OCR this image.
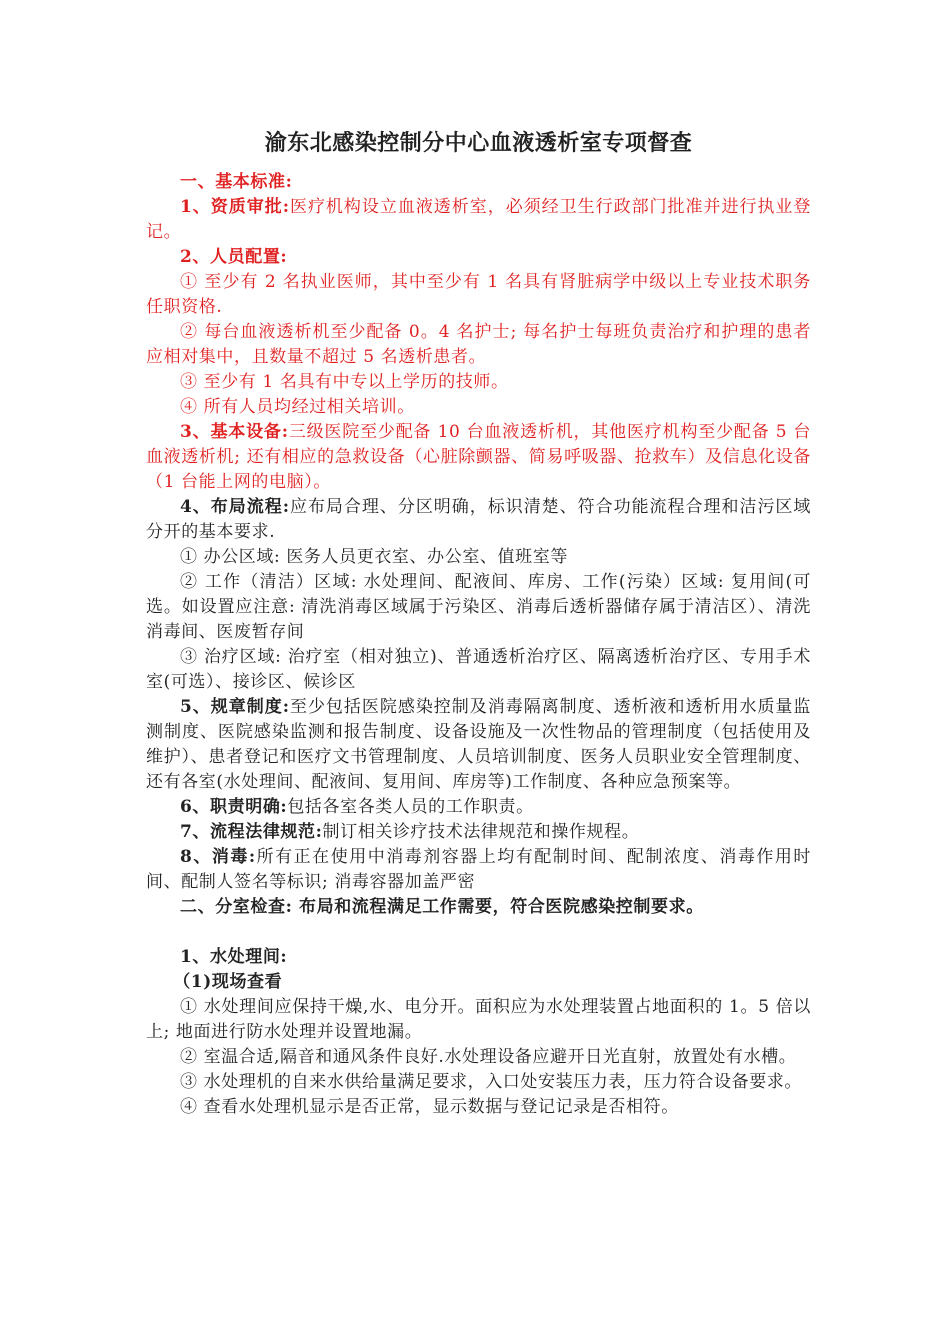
渝东北感染控制分中心血液透析室专项督查

一、基本标准:

1、资质审批:医疗机构设立血液透析室，必须经卫生行政部门批准并进行执业登记。

2、人员配置:

① 至少有 2 名执业医师，其中至少有 1 名具有肾脏病学中级以上专业技术职务任职资格.

② 每台血液透析机至少配备 0。4 名护士; 每名护士每班负责治疗和护理的患者应相对集中，且数量不超过 5 名透析患者。

③ 至少有 1 名具有中专以上学历的技师。

④ 所有人员均经过相关培训。

3、基本设备:三级医院至少配备 10 台血液透析机，其他医疗机构至少配备 5 台血液透析机; 还有相应的急救设备（心脏除颤器、简易呼吸器、抢救车）及信息化设备（1 台能上网的电脑）。

4、布局流程:应布局合理、分区明确，标识清楚、符合功能流程合理和洁污区域分开的基本要求.

① 办公区域: 医务人员更衣室、办公室、值班室等

② 工作（清洁）区域: 水处理间、配液间、库房、工作(污染）区域: 复用间(可选。如设置应注意: 清洗消毒区域属于污染区、消毒后透析器储存属于清洁区）、清洗消毒间、医废暂存间

③ 治疗区域: 治疗室（相对独立)、普通透析治疗区、隔离透析治疗区、专用手术室(可选）、接诊区、候诊区

5、规章制度:至少包括医院感染控制及消毒隔离制度、透析液和透析用水质量监测制度、医院感染监测和报告制度、设备设施及一次性物品的管理制度（包括使用及维护）、患者登记和医疗文书管理制度、人员培训制度、医务人员职业安全管理制度、还有各室(水处理间、配液间、复用间、库房等)工作制度、各种应急预案等。

6、职责明确:包括各室各类人员的工作职责。

7、流程法律规范:制订相关诊疗技术法律规范和操作规程。

8、消毒:所有正在使用中消毒剂容器上均有配制时间、配制浓度、消毒作用时间、配制人签名等标识; 消毒容器加盖严密

二、分室检查: 布局和流程满足工作需要，符合医院感染控制要求。

1、水处理间:

（1)现场查看

① 水处理间应保持干燥,水、电分开。面积应为水处理装置占地面积的 1。5 倍以上; 地面进行防水处理并设置地漏。

② 室温合适,隔音和通风条件良好.水处理设备应避开日光直射，放置处有水槽。

③ 水处理机的自来水供给量满足要求，入口处安装压力表，压力符合设备要求。

④ 查看水处理机显示是否正常，显示数据与登记记录是否相符。
